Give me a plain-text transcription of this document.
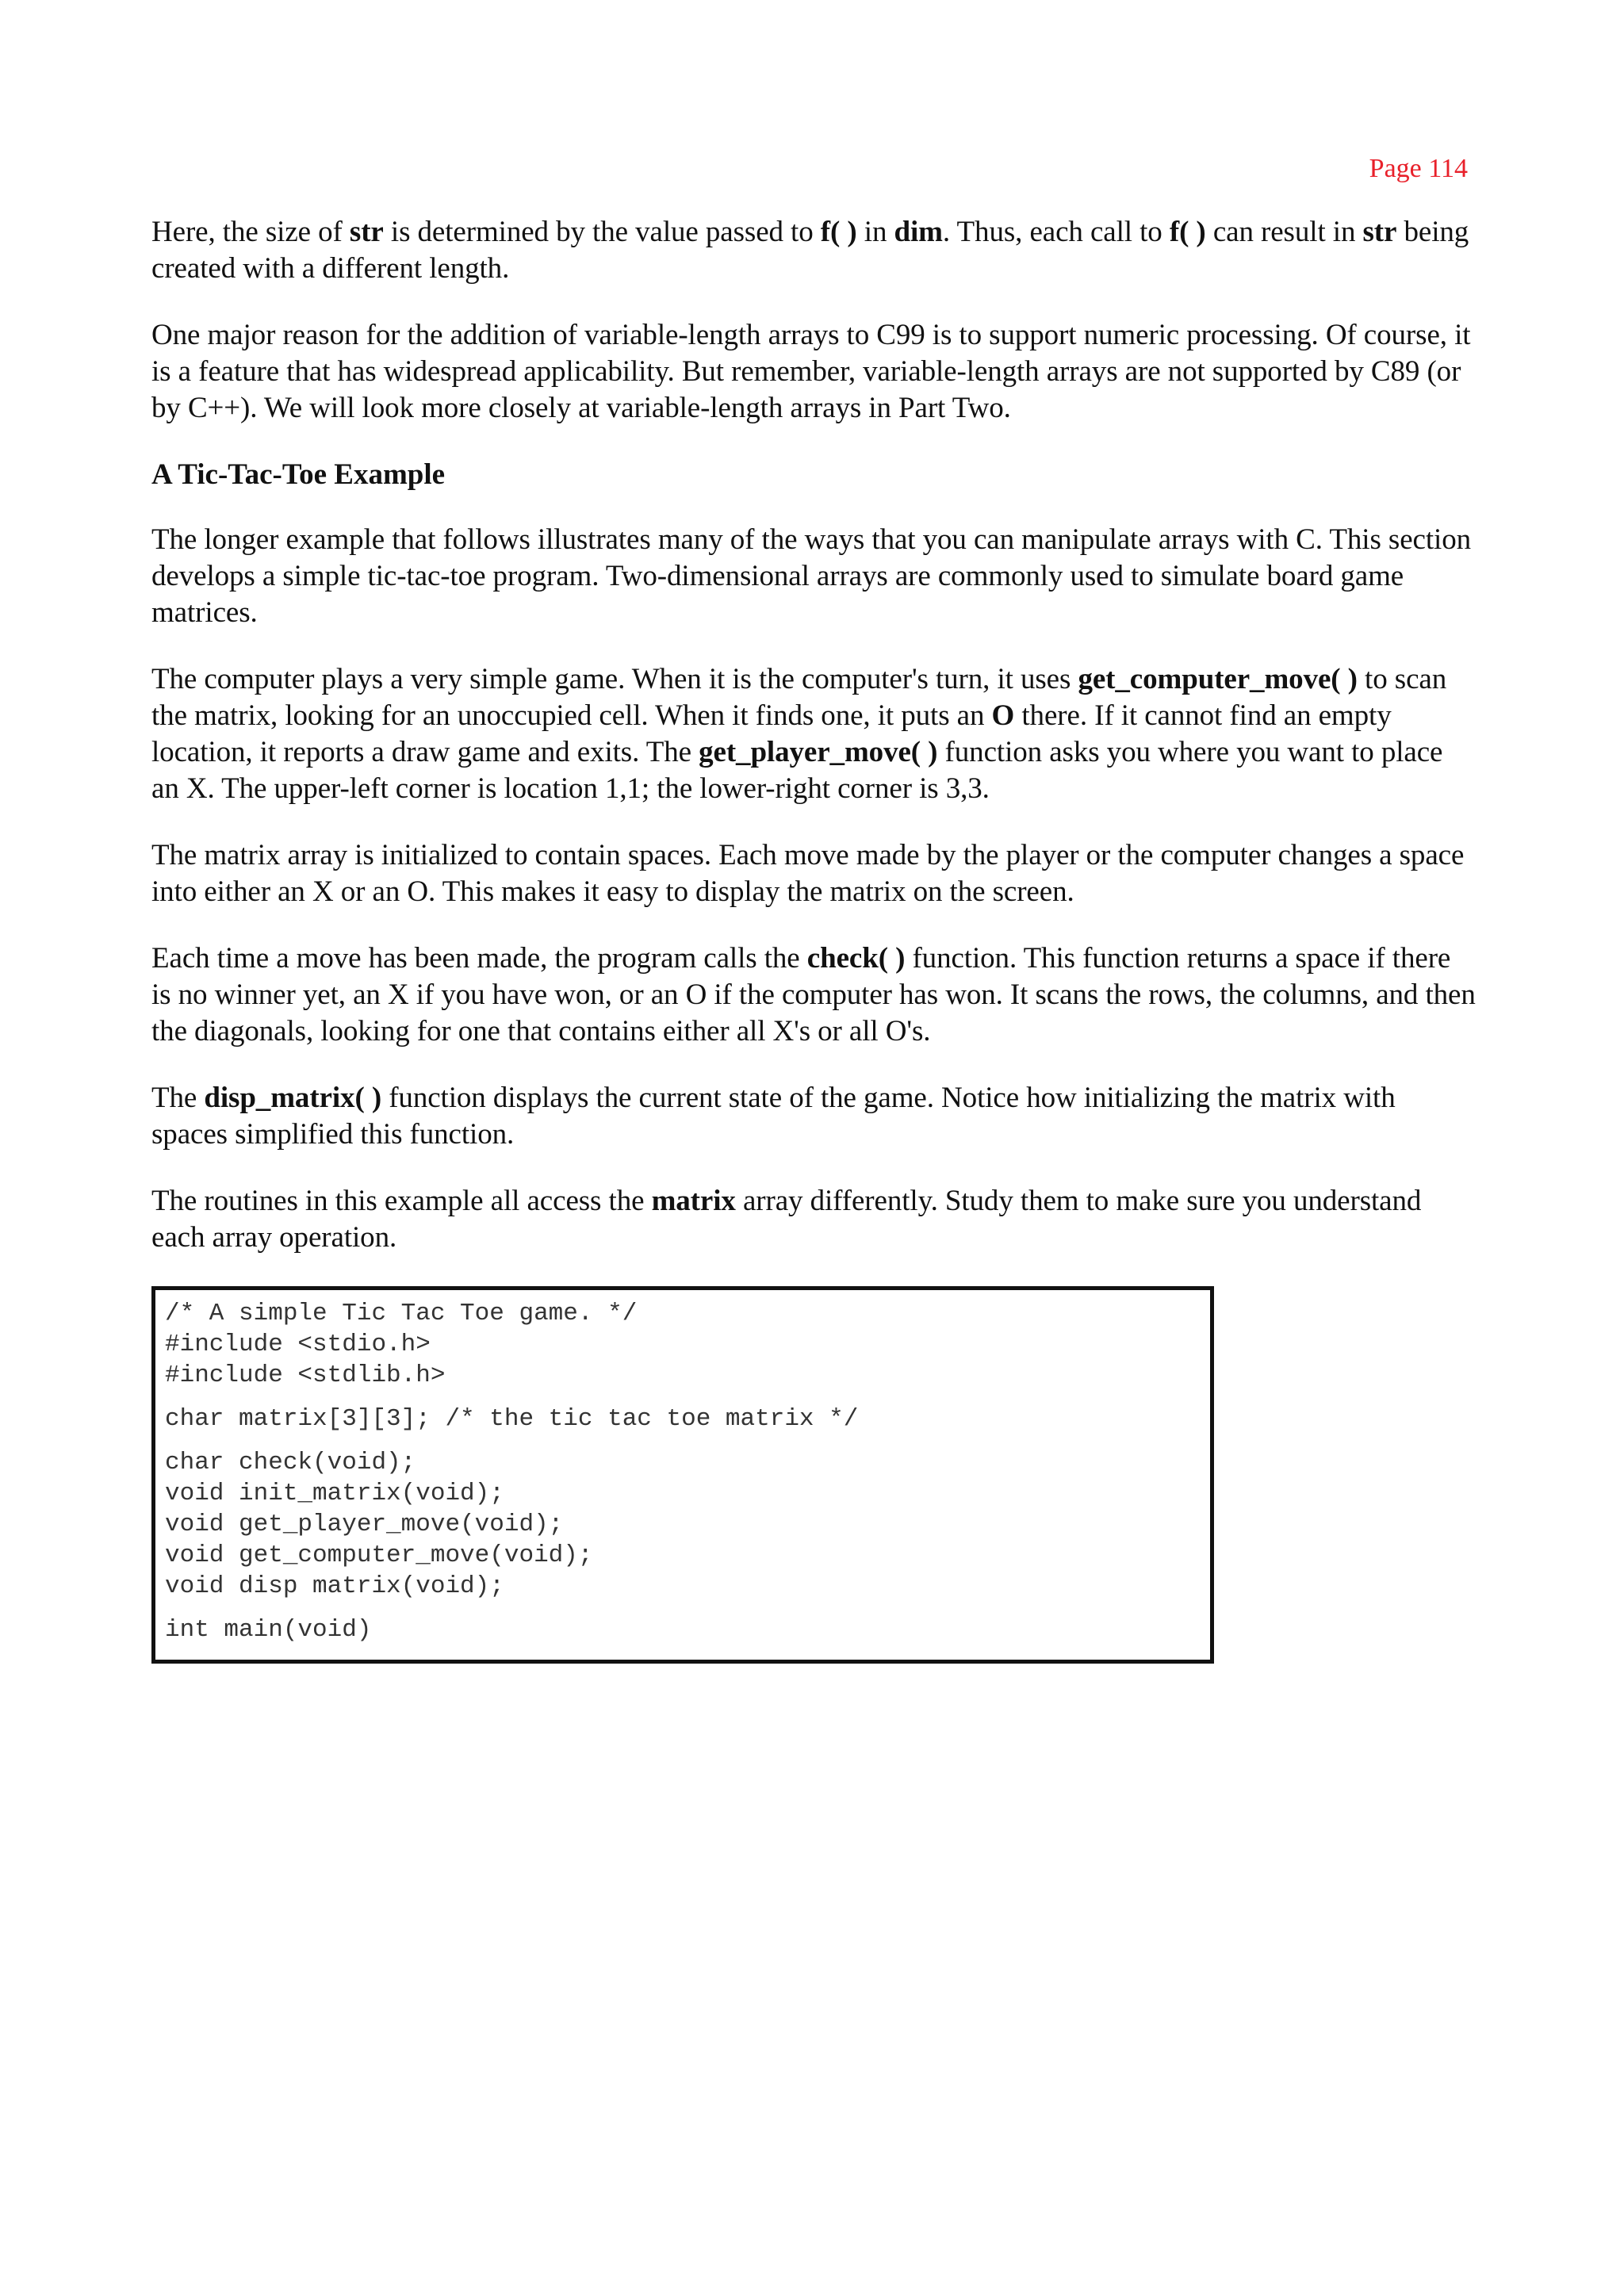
Page 114

Here, the size of str is determined by the value passed to f( ) in dim. Thus, each call to f( ) can result in str being created with a different length.

One major reason for the addition of variable-length arrays to C99 is to support numeric processing. Of course, it is a feature that has widespread applicability. But remember, variable-length arrays are not supported by C89 (or by C++). We will look more closely at variable-length arrays in Part Two.

A Tic-Tac-Toe Example

The longer example that follows illustrates many of the ways that you can manipulate arrays with C. This section develops a simple tic-tac-toe program. Two-dimensional arrays are commonly used to simulate board game matrices.

The computer plays a very simple game. When it is the computer's turn, it uses get_computer_move( ) to scan the matrix, looking for an unoccupied cell. When it finds one, it puts an O there. If it cannot find an empty location, it reports a draw game and exits. The get_player_move( ) function asks you where you want to place an X. The upper-left corner is location 1,1; the lower-right corner is 3,3.

The matrix array is initialized to contain spaces. Each move made by the player or the computer changes a space into either an X or an O. This makes it easy to display the matrix on the screen.

Each time a move has been made, the program calls the check( ) function. This function returns a space if there is no winner yet, an X if you have won, or an O if the computer has won. It scans the rows, the columns, and then the diagonals, looking for one that contains either all X's or all O's.

The disp_matrix( ) function displays the current state of the game. Notice how initializing the matrix with spaces simplified this function.

The routines in this example all access the matrix array differently. Study them to make sure you understand each array operation.

/* A simple Tic Tac Toe game. */
#include <stdio.h>
#include <stdlib.h>
char matrix[3][3]; /* the tic tac toe matrix */
char check(void);
void init_matrix(void);
void get_player_move(void);
void get_computer_move(void);
void disp matrix(void);
int main(void)
